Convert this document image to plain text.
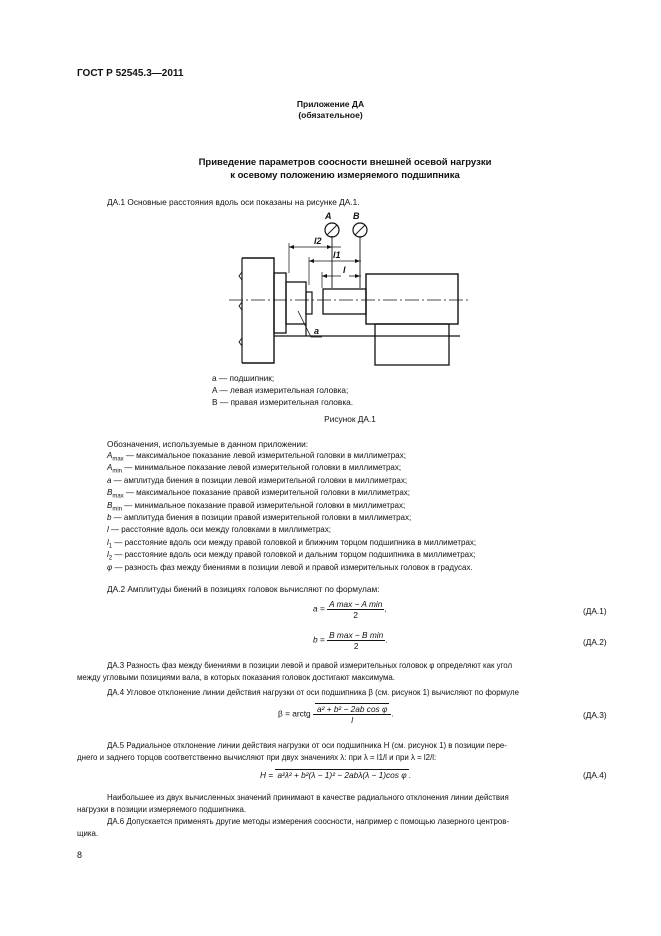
ГОСТ Р 52545.3—2011
Приложение ДА
(обязательное)
Приведение параметров соосности внешней осевой нагрузки
к осевому положению измеряемого подшипника
ДА.1 Основные расстояния вдоль оси показаны на рисунке ДА.1.
A B
l2
l1
l
a
а — подшипник;
A — левая измерительная головка;
B — правая измерительная головка.
Рисунок ДА.1
Обозначения, используемые в данном приложении:
$A_{max}$ — максимальное показание левой измерительной головки в миллиметрах;
$A_{min}$ — минимальное показание левой измерительной головки в миллиметрах;
a — амплитуда биения в позиции левой измерительной головки в миллиметрах;
$B_{max}$ — максимальное показание правой измерительной головки в миллиметрах;
$B_{min}$ — минимальное показание правой измерительной головки в миллиметрах;
b — амплитуда биения в позиции правой измерительной головки в миллиметрах;
l — расстояние вдоль оси между головками в миллиметрах;
$l_1$ — расстояние вдоль оси между правой головкой и ближним торцом подшипника в миллиметрах;
$l_2$ — расстояние вдоль оси между правой головкой и дальним торцом подшипника в миллиметрах;
φ — разность фаз между биениями в позиции левой и правой измерительных головок в градусах.
ДА.2 Амплитуды биений в позициях головок вычисляют по формулам:
$a = \frac{\text{A max − A min}}{2}$ ,	(ДА.1)
$b = \frac{\text{B max − B min}}{2}$ .	(ДА.2)
ДА.3 Разность фаз между биениями в позиции левой и правой измерительных головок φ определяют как угол
между угловыми позициями вала, в которых показания головок достигают максимума.
ДА.4 Угловое отклонение линии действия нагрузки от оси подшипника β (см. рисунок 1) вычисляют по формуле
β = arctg $\frac{\text{a² + b² − 2ab cos φ}}{l}$ .	(ДА.3)
ДА.5 Радиальное отклонение линии действия нагрузки от оси подшипника H (см. рисунок 1) в позиции пере-
днего и заднего торцов соответственно вычисляют при двух значениях λ: при λ = l1/l и при λ = l2/l:
H = a²λ² + b²(λ − 1)² − 2abλ(λ − 1)cos φ .	(ДА.4)
Наибольшее из двух вычисленных значений принимают в качестве радиального отклонения линии действия
нагрузки в позиции измеряемого подшипника.
ДА.6 Допускается применять другие методы измерения соосности, например с помощью лазерного центров-
щика.
8
